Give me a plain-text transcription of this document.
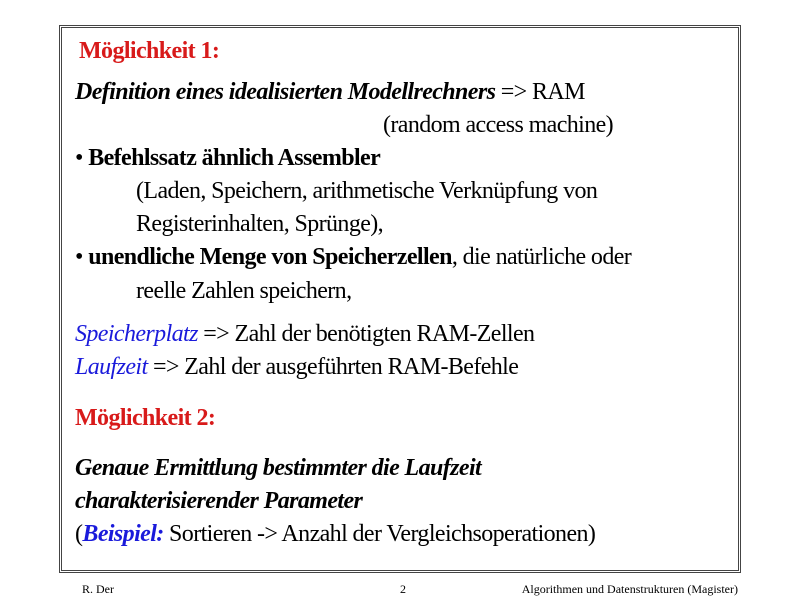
Möglichkeit 1:
Definition eines idealisierten Modellrechners => RAM
(random access machine)
• Befehlssatz ähnlich Assembler
(Laden, Speichern, arithmetische Verknüpfung von
Registerinhalten, Sprünge),
• unendliche Menge von Speicherzellen, die natürliche oder
reelle Zahlen speichern,
Speicherplatz => Zahl der benötigten RAM-Zellen
Laufzeit => Zahl der ausgeführten RAM-Befehle
Möglichkeit 2:
Genaue Ermittlung bestimmter die Laufzeit
charakterisierender Parameter
(Beispiel: Sortieren -> Anzahl der Vergleichsoperationen)
R. Der	2	Algorithmen und Datenstrukturen (Magister)
